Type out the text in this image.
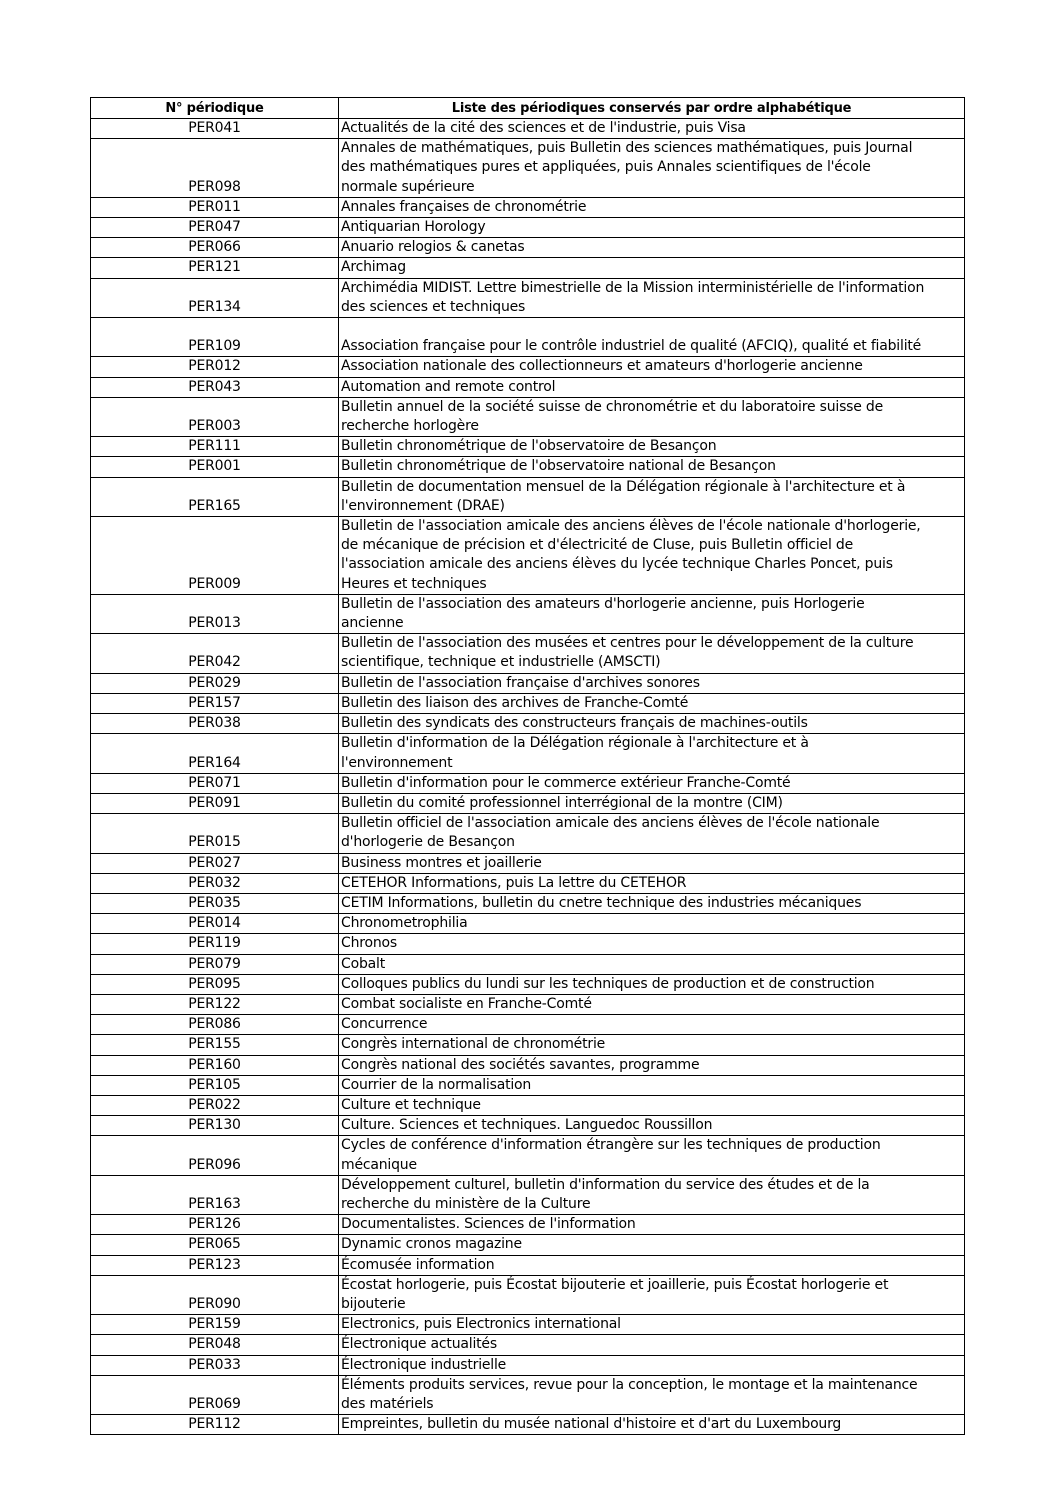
N° périodique	Liste des périodiques conservés par ordre alphabétique
PER041	Actualités de la cité des sciences et de l'industrie, puis Visa

PER098	Annales de mathématiques, puis Bulletin des sciences mathématiques, puis Journal
des mathématiques pures et appliquées, puis Annales scientifiques de l'école
normale supérieure

PER011	Annales françaises de chronométrie

PER047	Antiquarian Horology

PER066	Anuario relogios & canetas

PER121	Archimag

PER134	Archimédia MIDIST. Lettre bimestrielle de la Mission interministérielle de l'information
des sciences et techniques

PER109	Association française pour le contrôle industriel de qualité (AFCIQ), qualité et fiabilité

PER012	Association nationale des collectionneurs et amateurs d'horlogerie ancienne

PER043	Automation and remote control

PER003	Bulletin annuel de la société suisse de chronométrie et du laboratoire suisse de
recherche horlogère

PER111	Bulletin chronométrique de l'observatoire de Besançon

PER001	Bulletin chronométrique de l'observatoire national de Besançon

PER165	Bulletin de documentation mensuel de la Délégation régionale à l'architecture et à
l'environnement (DRAE)

PER009	Bulletin de l'association amicale des anciens élèves de l'école nationale d'horlogerie,
de mécanique de précision et d'électricité de Cluse, puis Bulletin officiel de
l'association amicale des anciens élèves du lycée technique Charles Poncet, puis
Heures et techniques

PER013	Bulletin de l'association des amateurs d'horlogerie ancienne, puis Horlogerie
ancienne

PER042	Bulletin de l'association des musées et centres pour le développement de la culture
scientifique, technique et industrielle (AMSCTI)

PER029	Bulletin de l'association française d'archives sonores

PER157	Bulletin des liaison des archives de Franche-Comté

PER038	Bulletin des syndicats des constructeurs français de machines-outils

PER164	Bulletin d'information de la Délégation régionale à l'architecture et à
l'environnement

PER071	Bulletin d'information pour le commerce extérieur Franche-Comté

PER091	Bulletin du comité professionnel interrégional de la montre (CIM)

PER015	Bulletin officiel de l'association amicale des anciens élèves de l'école nationale
d'horlogerie de Besançon

PER027	Business montres et joaillerie

PER032	CETEHOR Informations, puis La lettre du CETEHOR

PER035	CETIM Informations, bulletin du cnetre technique des industries mécaniques

PER014	Chronometrophilia

PER119	Chronos

PER079	Cobalt

PER095	Colloques publics du lundi sur les techniques de production et de construction

PER122	Combat socialiste en Franche-Comté

PER086	Concurrence

PER155	Congrès international de chronométrie

PER160	Congrès national des sociétés savantes, programme

PER105	Courrier de la normalisation

PER022	Culture et technique

PER130	Culture. Sciences et techniques. Languedoc Roussillon

PER096	Cycles de conférence d'information étrangère sur les techniques de production
mécanique

PER163	Développement culturel, bulletin d'information du service des études et de la
recherche du ministère de la Culture

PER126	Documentalistes. Sciences de l'information

PER065	Dynamic cronos magazine

PER123	Écomusée information

PER090	Écostat horlogerie, puis Écostat bijouterie et joaillerie, puis Écostat horlogerie et
bijouterie

PER159	Electronics, puis Electronics international

PER048	Électronique actualités

PER033	Électronique industrielle

PER069	Éléments produits services, revue pour la conception, le montage et la maintenance
des matériels

PER112	Empreintes, bulletin du musée national d'histoire et d'art du Luxembourg
